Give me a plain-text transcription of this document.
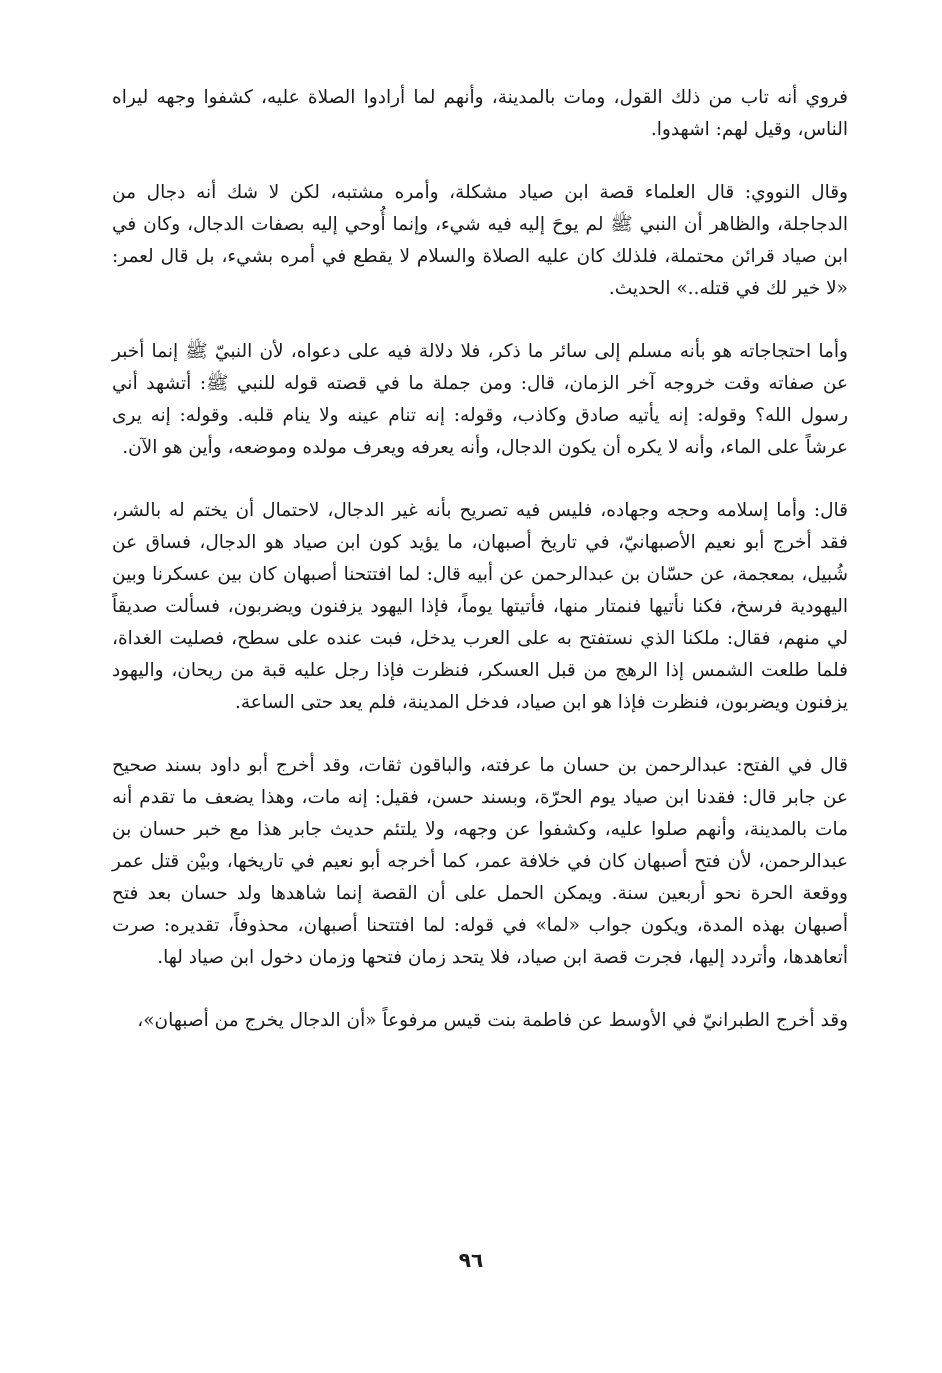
فروي أنه تاب من ذلك القول، ومات بالمدينة، وأنهم لما أرادوا الصلاة عليه، كشفوا وجهه ليراه الناس، وقيل لهم: اشهدوا.

وقال النووي: قال العلماء قصة ابن صياد مشكلة، وأمره مشتبه، لكن لا شك أنه دجال من الدجاجلة، والظاهر أن النبي ﷺ لم يوحَ إليه فيه شيء، وإنما أُوحي إليه بصفات الدجال، وكان في ابن صياد قرائن محتملة، فلذلك كان عليه الصلاة والسلام لا يقطع في أمره بشيء، بل قال لعمر: «لا خير لك في قتله..» الحديث.

وأما احتجاجاته هو بأنه مسلم إلى سائر ما ذكر، فلا دلالة فيه على دعواه، لأن النبيّ ﷺ إنما أخبر عن صفاته وقت خروجه آخر الزمان، قال: ومن جملة ما في قصته قوله للنبي ﷺ: أتشهد أني رسول الله؟ وقوله: إنه يأتيه صادق وكاذب، وقوله: إنه تنام عينه ولا ينام قلبه. وقوله: إنه يرى عرشاً على الماء، وأنه لا يكره أن يكون الدجال، وأنه يعرفه ويعرف مولده وموضعه، وأين هو الآن.

قال: وأما إسلامه وحجه وجهاده، فليس فيه تصريح بأنه غير الدجال، لاحتمال أن يختم له بالشر، فقد أخرج أبو نعيم الأصبهانيّ، في تاريخ أصبهان، ما يؤيد كون ابن صياد هو الدجال، فساق عن شُبيل، بمعجمة، عن حسّان بن عبدالرحمن عن أبيه قال: لما افتتحنا أصبهان كان بين عسكرنا وبين اليهودية فرسخ، فكنا نأتيها فنمتار منها، فأتيتها يوماً، فإذا اليهود يزفنون ويضربون، فسألت صديقاً لي منهم، فقال: ملكنا الذي نستفتح به على العرب يدخل، فبت عنده على سطح، فصليت الغداة، فلما طلعت الشمس إذا الرهج من قبل العسكر، فنظرت فإذا رجل عليه قبة من ريحان، واليهود يزفنون ويضربون، فنظرت فإذا هو ابن صياد، فدخل المدينة، فلم يعد حتى الساعة.

قال في الفتح: عبدالرحمن بن حسان ما عرفته، والباقون ثقات، وقد أخرج أبو داود بسند صحيح عن جابر قال: فقدنا ابن صياد يوم الحرّة، وبسند حسن، فقيل: إنه مات، وهذا يضعف ما تقدم أنه مات بالمدينة، وأنهم صلوا عليه، وكشفوا عن وجهه، ولا يلتئم حديث جابر هذا مع خبر حسان بن عبدالرحمن، لأن فتح أصبهان كان في خلافة عمر، كما أخرجه أبو نعيم في تاريخها، وبيْن قتل عمر ووقعة الحرة نحو أربعين سنة. ويمكن الحمل على أن القصة إنما شاهدها ولد حسان بعد فتح أصبهان بهذه المدة، ويكون جواب «لما» في قوله: لما افتتحنا أصبهان، محذوفاً، تقديره: صرت أتعاهدها، وأتردد إليها، فجرت قصة ابن صياد، فلا يتحد زمان فتحها وزمان دخول ابن صياد لها.

وقد أخرج الطبرانيّ في الأوسط عن فاطمة بنت قيس مرفوعاً «أن الدجال يخرج من أصبهان»،

٩٦
